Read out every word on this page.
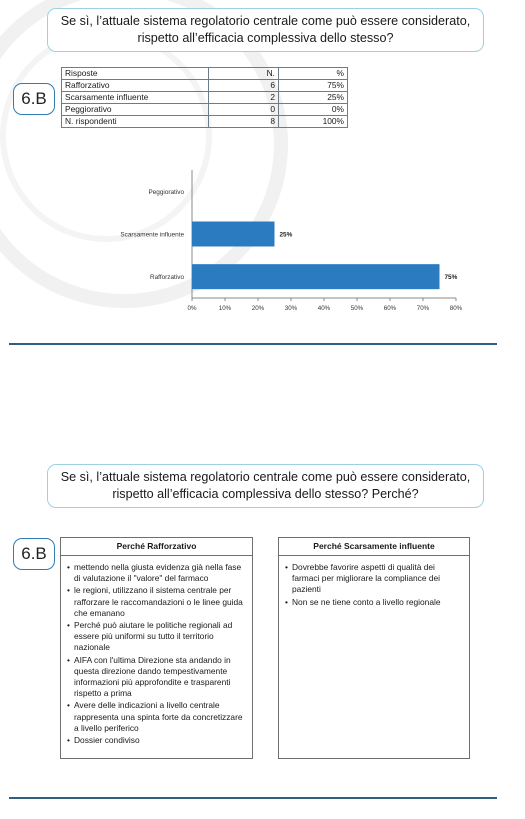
Se sì, l’attuale sistema regolatorio centrale come può essere considerato, rispetto all’efficacia complessiva dello stesso?
6.B
Risposte	N.	%
Rafforzativo	6	75%
Scarsamente influente	2	25%
Peggiorativo	0	0%
N. rispondenti	8	100%
Peggiorativo
Scarsamente influente	25%
Rafforzativo	75%
0%	10%	20%	30%	40%	50%	60%	70%	80%
Se sì, l’attuale sistema regolatorio centrale come può essere considerato, rispetto all’efficacia complessiva dello stesso? Perché?
6.B	Perché Rafforzativo
• mettendo nella giusta evidenza già nella fase di valutazione il "valore" del farmaco
• le regioni, utilizzano il sistema centrale per rafforzare le raccomandazioni o le linee guida che emanano
• Perché può aiutare le politiche regionali ad essere più uniformi su tutto il territorio nazionale
• AIFA con l'ultima Direzione sta andando in questa direzione dando tempestivamente informazioni più approfondite e trasparenti rispetto a prima
• Avere delle indicazioni a livello centrale rappresenta una spinta forte da concretizzare a livello periferico
• Dossier condiviso
Perché Scarsamente influente
• Dovrebbe favorire aspetti di qualità dei farmaci per migliorare la compliance dei pazienti
• Non se ne tiene conto a livello regionale
